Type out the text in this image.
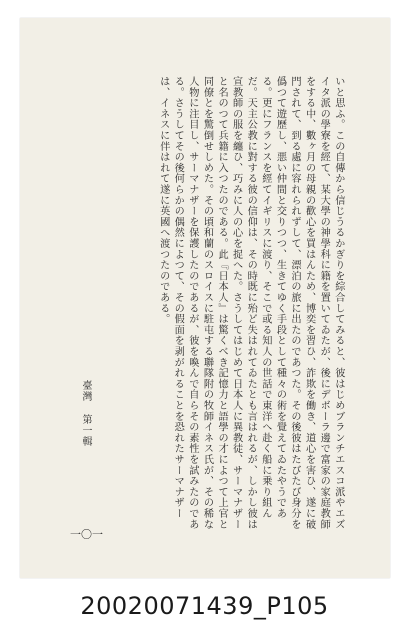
いと思ふ。この自傳から信じうるかぎりを綜合してみると、彼はじめブランチエスコ派やエズイタ派の學寮を經て、某大學の神學科に籍を置いてゐたが、後にデボーラ邊で富家の家庭教師をする中、數ヶ月の母親の歡心を買はんため、博奕を習ひ、詐欺を働き、道心を害ひ、遂に破門されて、到る處に容れられずして、漂泊の旅に出たのであつた。その後彼はたびたび身分を僞つて遊歷し、悪い仲間と交りつつ、生きてゆく手段として種々の術を覺えてゐたやうである。更にフランスを經てイギリスに渡り、そこで或る知人の世話で東洋へ赴く船に乗り組んだ。天主公教に對する彼の信仰は、その時既に殆ど失はれてゐたとも言はれるが、しかし彼は宣教師の服を纏ひ、巧みに人の心を捉へた。さうしてはじめて日本人に異教徒、サーマナザーと名のつて兵籍に入つたのである。此『日本人』は驚くべき記憶力と語學の才によつて上官と同僚とを驚倒せしめた。その頃和蘭のスロイスに駐屯する聯隊附の牧師イネス氏が、その稀な人物に注目し、サーマナザーを保護したのであるが、彼を喚んで自らその素性を試みたのである。さうしてその後何らかの偶然によつて、その假面を剥がれることを恐れたサーマナザーは、イネスに伴はれて遂に英國へ渡つたのである。

臺灣 第一輯
一〇一
20020071439_P105
